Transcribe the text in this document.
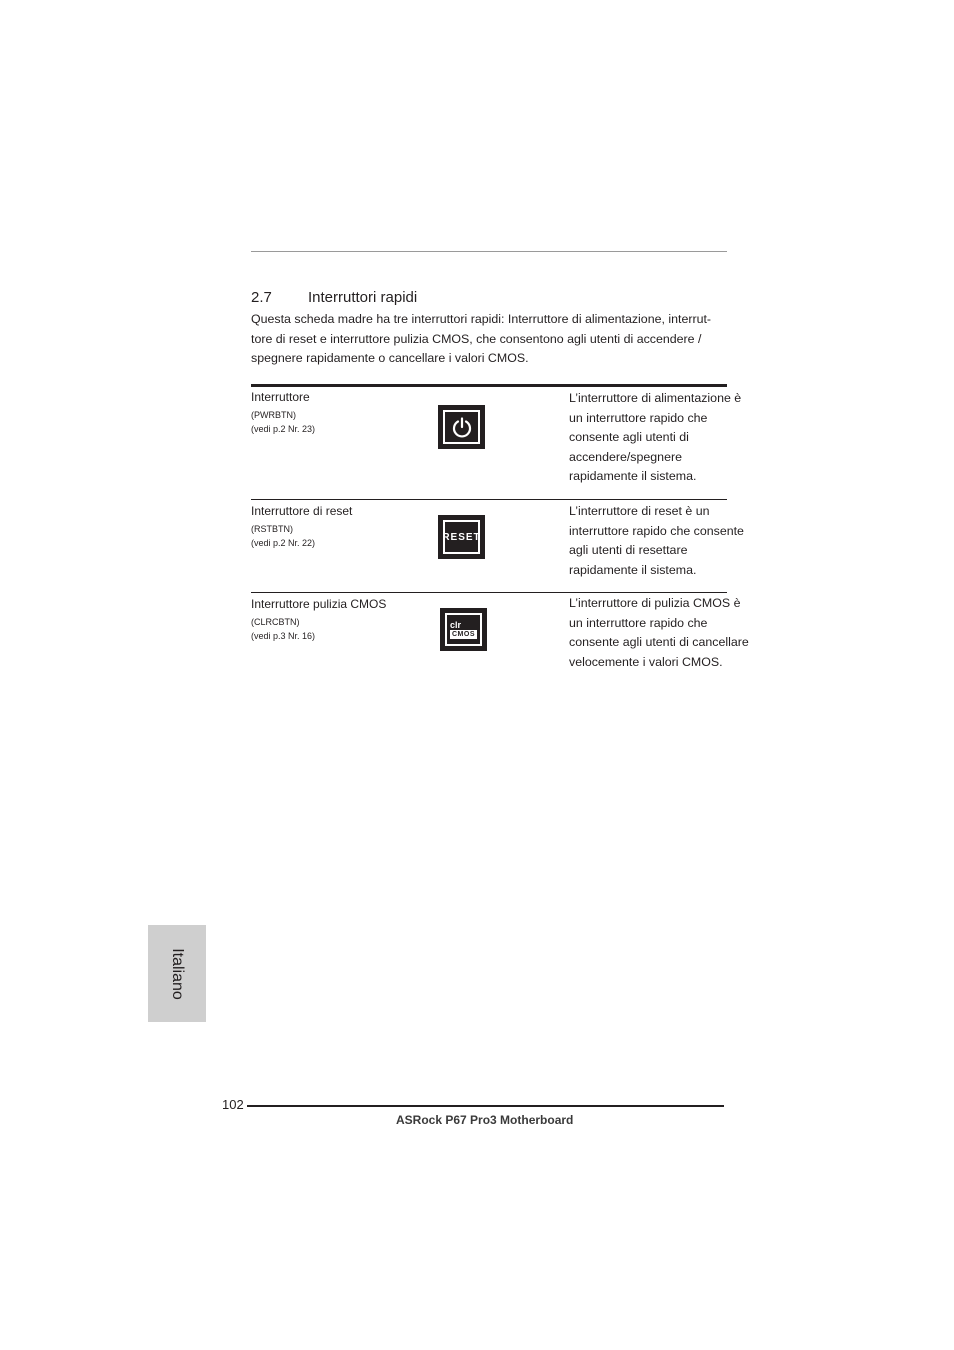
2.7 Interruttori rapidi
Questa scheda madre ha tre interruttori rapidi: Interruttore di alimentazione, interrut-
tore di reset e interruttore pulizia CMOS, che consentono agli utenti di accendere /
spegnere rapidamente o cancellare i valori CMOS.
Interruttore
(PWRBTN)
(vedi p.2 Nr. 23)
L’interruttore di alimentazione è
un interruttore rapido che
consente agli utenti di
accendere/spegnere
rapidamente il sistema.
Interruttore di reset
(RSTBTN)
(vedi p.2 Nr. 22)
RESET
L’interruttore di reset è un
interruttore rapido che consente
agli utenti di resettare
rapidamente il sistema.
Interruttore pulizia CMOS
(CLRCBTN)
(vedi p.3 Nr. 16)
clr
CMOS
L’interruttore di pulizia CMOS è
un interruttore rapido che
consente agli utenti di cancellare
velocemente i valori CMOS.
Italiano
102
ASRock P67 Pro3 Motherboard
